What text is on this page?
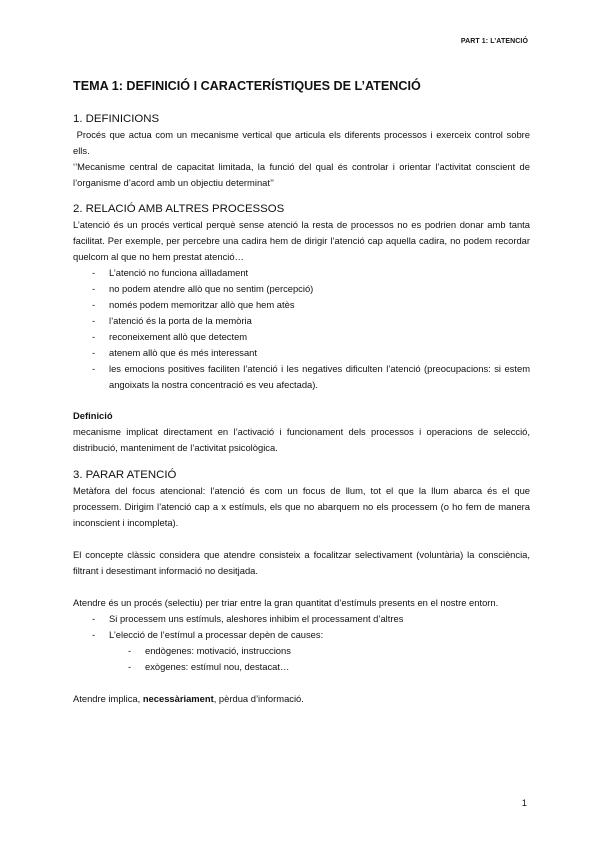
PART 1: L’ATENCIÓ
TEMA 1: DEFINICIÓ I CARACTERÍSTIQUES DE L’ATENCIÓ
1. DEFINICIONS

Procés que actua com un mecanisme vertical que articula els diferents processos i exerceix control sobre ells.

‘’Mecanisme central de capacitat limitada, la funció del qual és controlar i orientar l’activitat conscient de l’organisme d’acord amb un objectiu determinat’’

2. RELACIÓ AMB ALTRES PROCESSOS

L’atenció és un procés vertical perquè sense atenció la resta de processos no es podrien donar amb tanta facilitat. Per exemple, per percebre una cadira hem de dirigir l’atenció cap aquella cadira, no podem recordar quelcom al que no hem prestat atenció…

- L’atenció no funciona aïlladament
- no podem atendre allò que no sentim (percepció)
- només podem memoritzar allò que hem atès
- l’atenció és la porta de la memòria
- reconeixement allò que detectem
- atenem allò que és més interessant
- les emocions positives faciliten l’atenció i les negatives dificulten l’atenció (preocupacions: si estem angoixats la nostra concentració es veu afectada).
Definició

mecanisme implicat directament en l’activació i funcionament dels processos i operacions de selecció, distribució, manteniment de l’activitat psicològica.

3. PARAR ATENCIÓ

Metàfora del focus atencional: l’atenció és com un focus de llum, tot el que la llum abarca és el que processem. Dirigim l’atenció cap a x estímuls, els que no abarquem no els processem (o ho fem de manera inconscient i incompleta).

El concepte clàssic considera que atendre consisteix a focalitzar selectivament (voluntària) la consciència, filtrant i desestimant informació no desitjada.

Atendre és un procés (selectiu) per triar entre la gran quantitat d’estímuls presents en el nostre entorn.

- Si processem uns estímuls, aleshores inhibim el processament d’altres
- L’elecció de l’estímul a processar depèn de causes:
- endògenes: motivació, instruccions
- exògenes: estímul nou, destacat…

Atendre implica, necessàriament, pèrdua d’informació.

1
